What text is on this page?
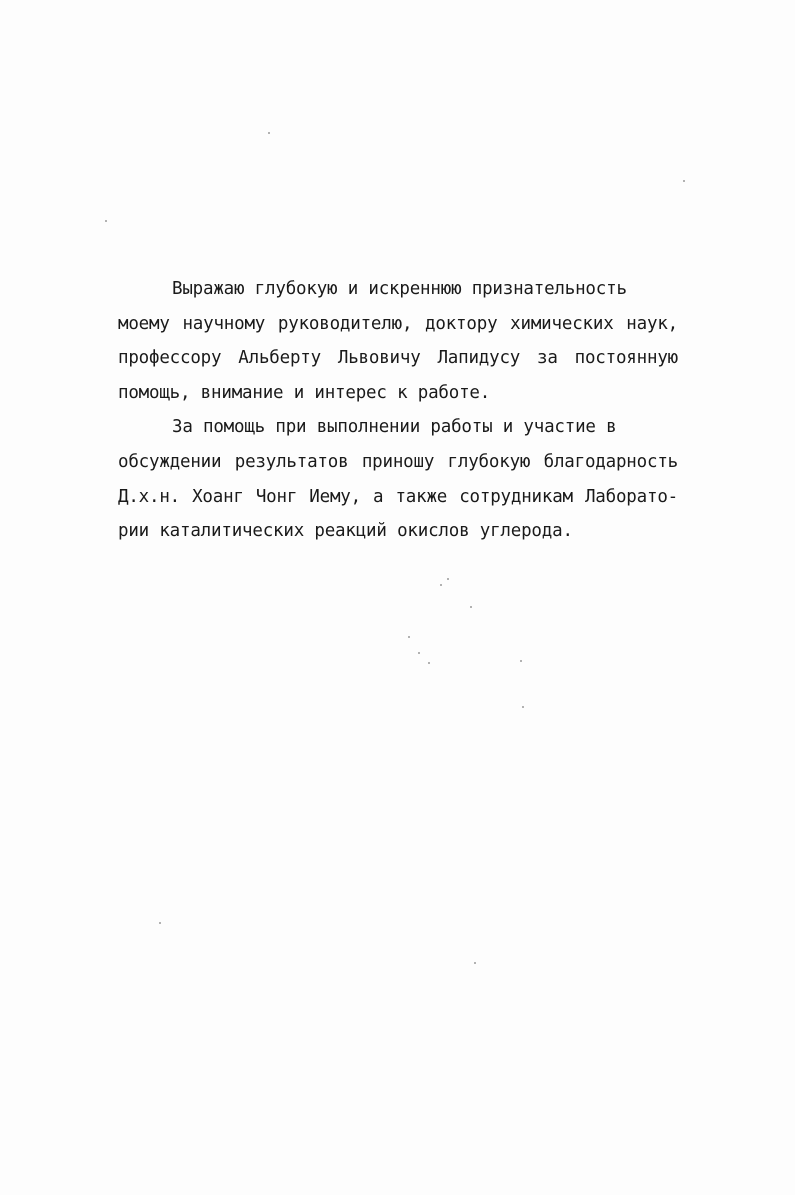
Выражаю глубокую и искреннюю признательность
моему научному руководителю, доктору химических наук,
профессору Альберту Львовичу Лапидусу за постоянную
помощь, внимание и интерес к работе.
За помощь при выполнении работы и участие в
обсуждении результатов приношу глубокую благодарность
Д.х.н. Хоанг Чонг Иему, а также сотрудникам Лаборато-
рии каталитических реакций окислов углерода.
